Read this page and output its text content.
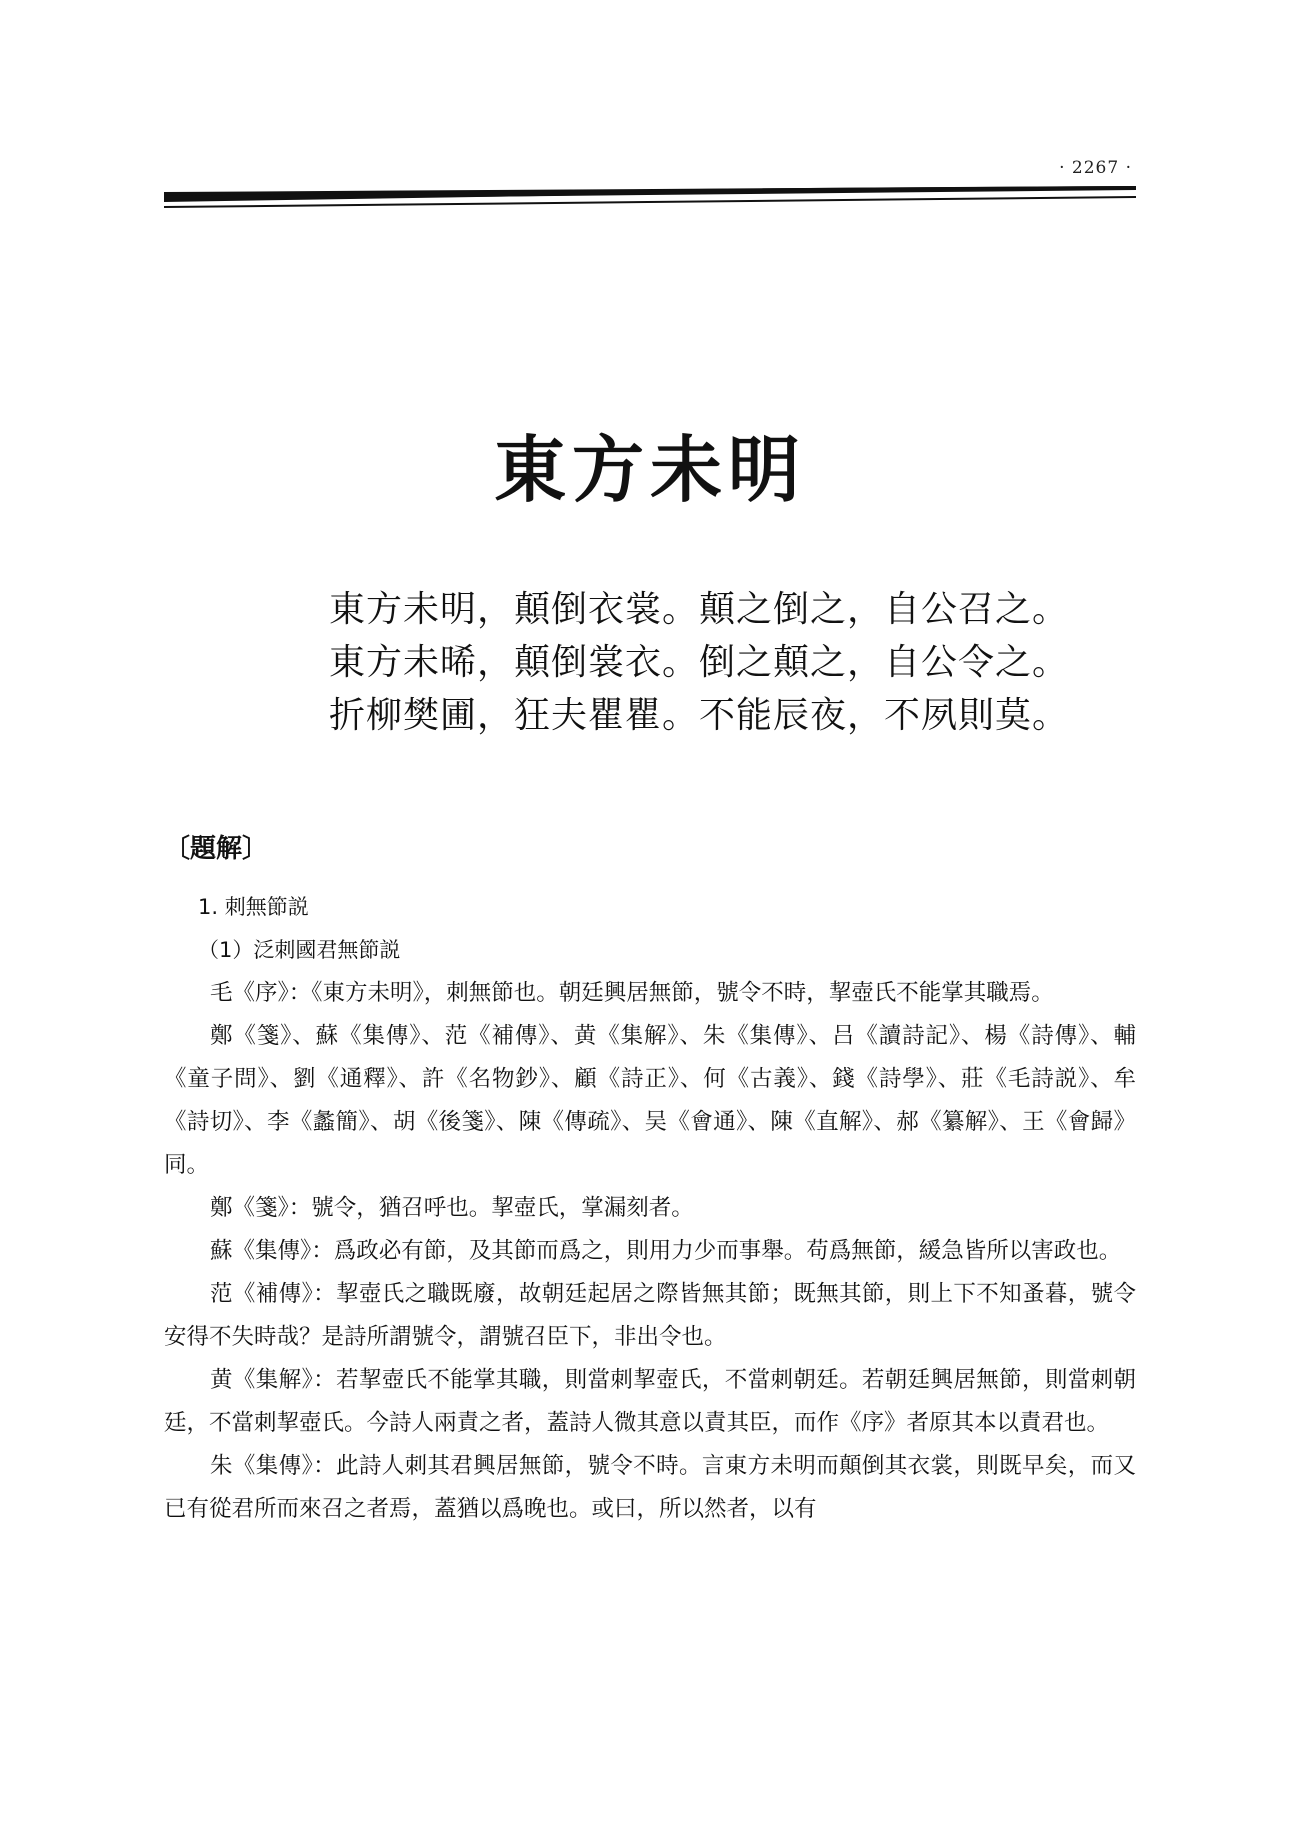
· 2267 ·
東方未明
東方未明，顛倒衣裳。顛之倒之，自公召之。
東方未晞，顛倒裳衣。倒之顛之，自公令之。
折柳樊圃，狂夫瞿瞿。不能辰夜，不夙則莫。
〔題解〕
1. 刺無節説
（1）泛刺國君無節説

毛《序》：《東方未明》，刺無節也。朝廷興居無節，號令不時，挈壺氏不能掌其職焉。

鄭《箋》、蘇《集傳》、范《補傳》、黄《集解》、朱《集傳》、吕《讀詩記》、楊《詩傳》、輔《童子問》、劉《通釋》、許《名物鈔》、顧《詩正》、何《古義》、錢《詩學》、莊《毛詩説》、牟《詩切》、李《蠡簡》、胡《後箋》、陳《傳疏》、吴《會通》、陳《直解》、郝《纂解》、王《會歸》同。

鄭《箋》：號令，猶召呼也。挈壺氏，掌漏刻者。

蘇《集傳》：爲政必有節，及其節而爲之，則用力少而事舉。苟爲無節，緩急皆所以害政也。

范《補傳》：挈壺氏之職既廢，故朝廷起居之際皆無其節；既無其節，則上下不知蚤暮，號令安得不失時哉？是詩所謂號令，謂號召臣下，非出令也。

黄《集解》：若挈壺氏不能掌其職，則當刺挈壺氏，不當刺朝廷。若朝廷興居無節，則當刺朝廷，不當刺挈壺氏。今詩人兩責之者，蓋詩人微其意以責其臣，而作《序》者原其本以責君也。

朱《集傳》：此詩人刺其君興居無節，號令不時。言東方未明而顛倒其衣裳，則既早矣，而又已有從君所而來召之者焉，蓋猶以爲晚也。或曰，所以然者，以有
